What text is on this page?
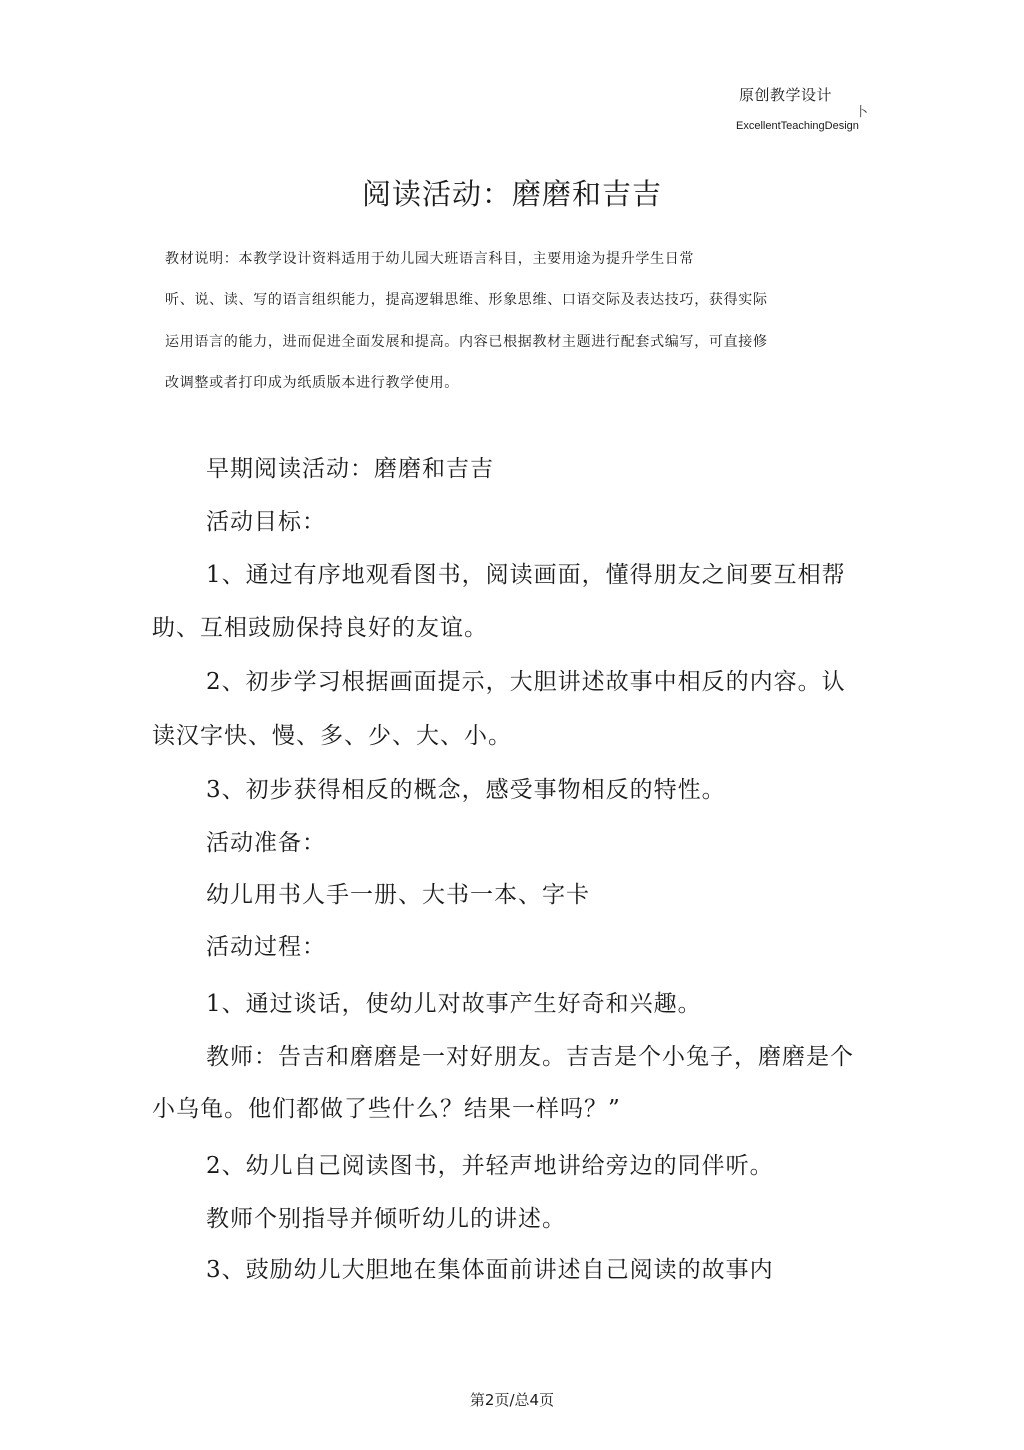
原创教学设计
卜
ExcellentTeachingDesign
阅读活动：磨磨和吉吉
教材说明：本教学设计资料适用于幼儿园大班语言科目，主要用途为提升学生日常
听、说、读、写的语言组织能力，提高逻辑思维、形象思维、口语交际及表达技巧，获得实际
运用语言的能力，进而促进全面发展和提高。内容已根据教材主题进行配套式编写，可直接修
改调整或者打印成为纸质版本进行教学使用。
早期阅读活动：磨磨和吉吉
活动目标：
1、通过有序地观看图书，阅读画面，懂得朋友之间要互相帮
助、互相豉励保持良好的友谊。
2、初步学习根据画面提示，大胆讲述故事中相反的内容。认
读汉字快、慢、多、少、大、小。
3、初步获得相反的概念，感受事物相反的特性。
活动准备：
幼儿用书人手一册、大书一本、字卡
活动过程：
1、通过谈话，使幼儿对故事产生好奇和兴趣。
教师：告吉和磨磨是一对好朋友。吉吉是个小兔子，磨磨是个
小乌龟。他们都做了些什么？结果一样吗？”
2、幼儿自己阅读图书，并轻声地讲给旁边的同伴听。
教师个别指导并倾听幼儿的讲述。
3、豉励幼儿大胆地在集体面前讲述自己阅读的故事内
第2页/总4页
